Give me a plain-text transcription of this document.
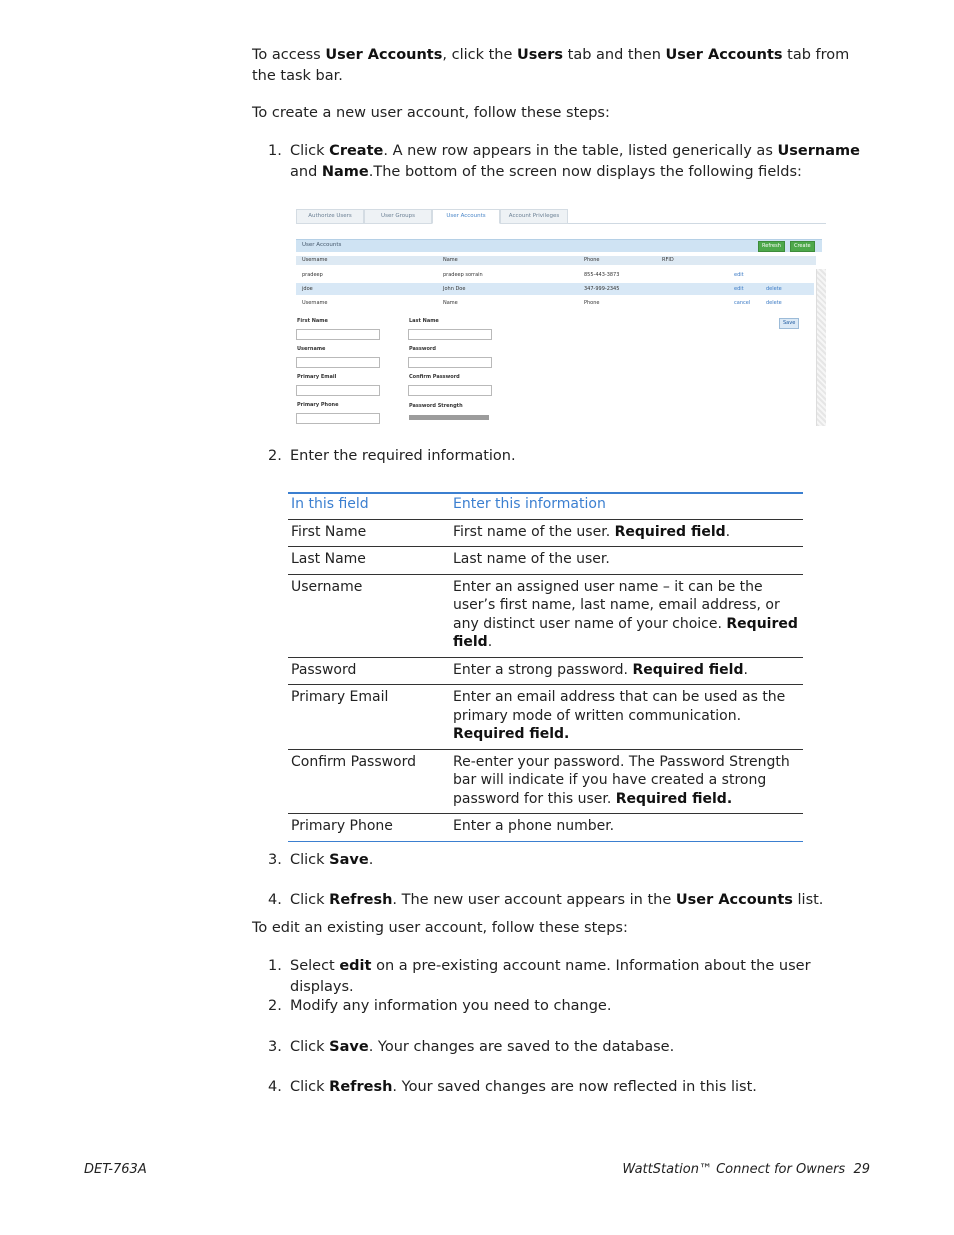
To access User Accounts, click the Users tab and then User Accounts tab from the task bar.
To create a new user account, follow these steps:
1. Click Create. A new row appears in the table, listed generically as Username and Name.The bottom of the screen now displays the following fields:
Authorize Users	User Groups	User Accounts	Account Privileges
User Accounts	Refresh	Create
Username	Name	Phone	RFID
pradeep	pradeep sorrain	855-443-3873	edit
jdoe	John Doe	347-999-2345	edit	delete
Username	Name	Phone	cancel	delete
First Name	Last Name
Username	Password
Primary Email	Confirm Password
Primary Phone	Password Strength
Save
2. Enter the required information.
In this field	Enter this information
First Name	First name of the user. Required field.
Last Name	Last name of the user.
Username	Enter an assigned user name – it can be the user’s first name, last name, email address, or any distinct user name of your choice. Required field.
Password	Enter a strong password. Required field.
Primary Email	Enter an email address that can be used as the primary mode of written communication. Required field.
Confirm Password	Re-enter your password. The Password Strength bar will indicate if you have created a strong password for this user. Required field.
Primary Phone	Enter a phone number.
3. Click Save.
4. Click Refresh. The new user account appears in the User Accounts list.
To edit an existing user account, follow these steps:
1. Select edit on a pre-existing account name. Information about the user displays.
2. Modify any information you need to change.
3. Click Save. Your changes are saved to the database.
4. Click Refresh. Your saved changes are now reflected in this list.
DET-763A	WattStation™ Connect for Owners  29
